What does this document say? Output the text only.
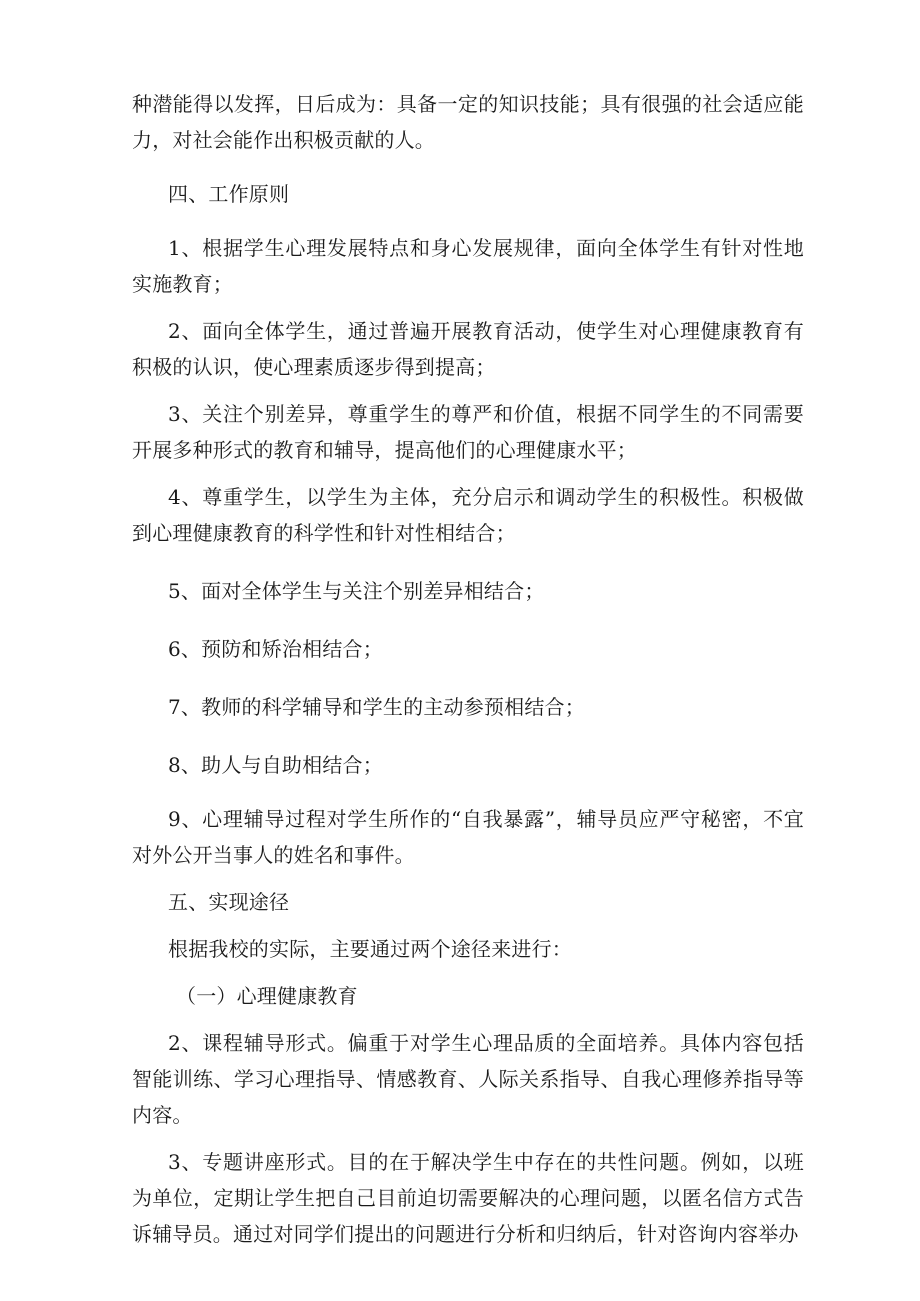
种潜能得以发挥，日后成为：具备一定的知识技能；具有很强的社会适应能力，对社会能作出积极贡献的人。

四、工作原则

1、根据学生心理发展特点和身心发展规律，面向全体学生有针对性地实施教育；

2、面向全体学生，通过普遍开展教育活动，使学生对心理健康教育有积极的认识，使心理素质逐步得到提高；

3、关注个别差异，尊重学生的尊严和价值，根据不同学生的不同需要开展多种形式的教育和辅导，提高他们的心理健康水平；

4、尊重学生，以学生为主体，充分启示和调动学生的积极性。积极做到心理健康教育的科学性和针对性相结合；

5、面对全体学生与关注个别差异相结合；

6、预防和矫治相结合；

7、教师的科学辅导和学生的主动参预相结合；

8、助人与自助相结合；

9、心理辅导过程对学生所作的“自我暴露”，辅导员应严守秘密，不宜对外公开当事人的姓名和事件。

五、实现途径

根据我校的实际，主要通过两个途径来进行：

（一）心理健康教育

2、课程辅导形式。偏重于对学生心理品质的全面培养。具体内容包括智能训练、学习心理指导、情感教育、人际关系指导、自我心理修养指导等内容。

3、专题讲座形式。目的在于解决学生中存在的共性问题。例如，以班为单位，定期让学生把自己目前迫切需要解决的心理问题，以匿名信方式告诉辅导员。通过对同学们提出的问题进行分析和归纳后，针对咨询内容举办
